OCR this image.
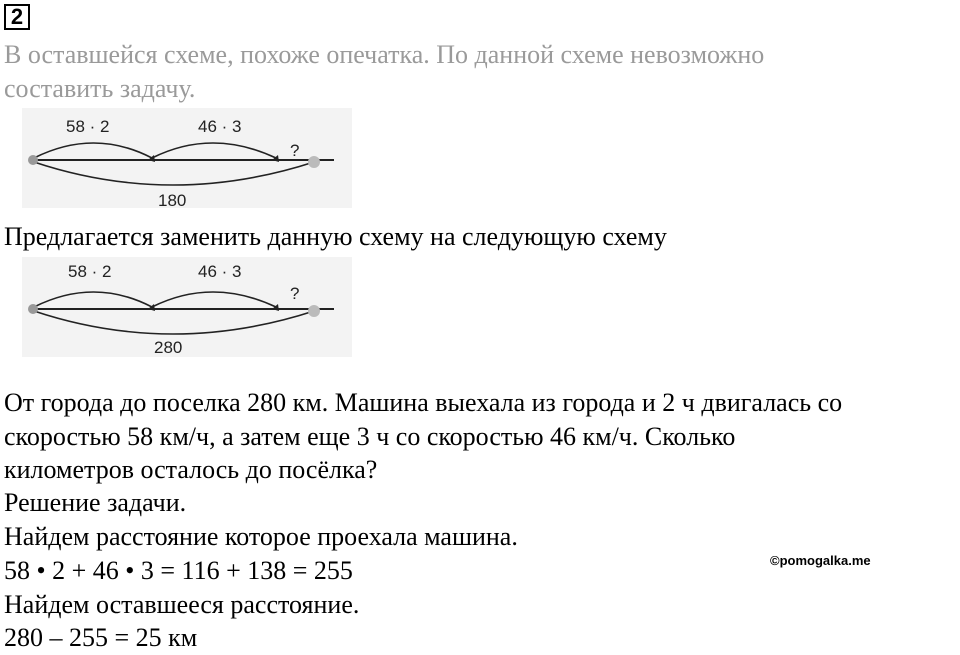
2
В оставшейся схеме, похоже опечатка. По данной схеме невозможно
составить задачу.
58 · 2	46 · 3
?
180
Предлагается заменить данную схему на следующую схему
58 · 2	46 · 3
?
280
От города до поселка 280 км. Машина выехала из города и 2 ч двигалась со
скоростью 58 км/ч, а затем еще 3 ч со скоростью 46 км/ч. Сколько
километров осталось до посёлка?
Решение задачи.
Найдем расстояние которое проехала машина.
58 • 2 + 46 • 3 = 116 + 138 = 255
Найдем оставшееся расстояние.
280 – 255 = 25 км
©pomogalka.me
